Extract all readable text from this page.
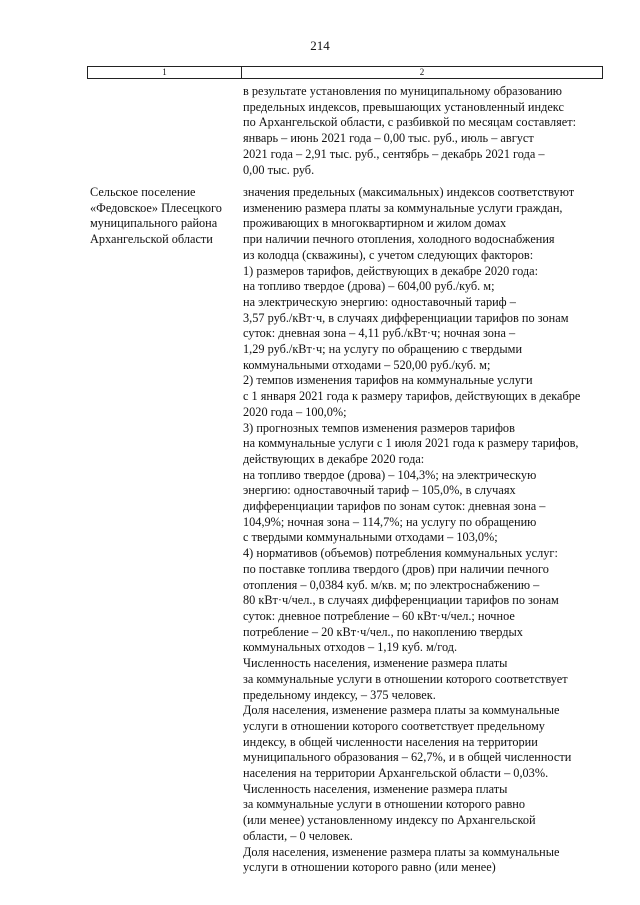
214
1	2
в результате установления по муниципальному образованию
предельных индексов, превышающих установленный индекс
по Архангельской области, с разбивкой по месяцам составляет:
январь – июнь 2021 года – 0,00 тыс. руб., июль – август
2021 года – 2,91 тыс. руб., сентябрь – декабрь 2021 года –
0,00 тыс. руб.
Сельское поселение
«Федовское» Плесецкого
муниципального района
Архангельской области
значения предельных (максимальных) индексов соответствуют
изменению размера платы за коммунальные услуги граждан,
проживающих в многоквартирном и жилом домах
при наличии печного отопления, холодного водоснабжения
из колодца (скважины), с учетом следующих факторов:
1) размеров тарифов, действующих в декабре 2020 года:
на топливо твердое (дрова) – 604,00 руб./куб. м;
на электрическую энергию: одноставочный тариф –
3,57 руб./кВт·ч, в случаях дифференциации тарифов по зонам
суток: дневная зона – 4,11 руб./кВт·ч; ночная зона –
1,29 руб./кВт·ч; на услугу по обращению с твердыми
коммунальными отходами – 520,00 руб./куб. м;
2) темпов изменения тарифов на коммунальные услуги
с 1 января 2021 года к размеру тарифов, действующих в декабре
2020 года – 100,0%;
3) прогнозных темпов изменения размеров тарифов
на коммунальные услуги с 1 июля 2021 года к размеру тарифов,
действующих в декабре 2020 года:
на топливо твердое (дрова) – 104,3%; на электрическую
энергию: одноставочный тариф – 105,0%, в случаях
дифференциации тарифов по зонам суток: дневная зона –
104,9%; ночная зона – 114,7%; на услугу по обращению
с твердыми коммунальными отходами – 103,0%;
4) нормативов (объемов) потребления коммунальных услуг:
по поставке топлива твердого (дров) при наличии печного
отопления – 0,0384 куб. м/кв. м; по электроснабжению –
80 кВт·ч/чел., в случаях дифференциации тарифов по зонам
суток: дневное потребление – 60 кВт·ч/чел.; ночное
потребление – 20 кВт·ч/чел., по накоплению твердых
коммунальных отходов – 1,19 куб. м/год.
Численность населения, изменение размера платы
за коммунальные услуги в отношении которого соответствует
предельному индексу, – 375 человек.
Доля населения, изменение размера платы за коммунальные
услуги в отношении которого соответствует предельному
индексу, в общей численности населения на территории
муниципального образования – 62,7%, и в общей численности
населения на территории Архангельской области – 0,03%.
Численность населения, изменение размера платы
за коммунальные услуги в отношении которого равно
(или менее) установленному индексу по Архангельской
области, – 0 человек.
Доля населения, изменение размера платы за коммунальные
услуги в отношении которого равно (или менее)
